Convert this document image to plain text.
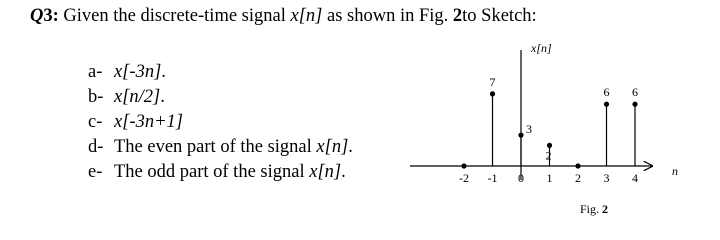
Q3: Given the discrete-time signal x[n] as shown in Fig. 2to Sketch:
a- x[-3n].
b- x[n/2].
c- x[-3n+1]
d- The even part of the signal x[n].
e- The odd part of the signal x[n].
x[n]
n
-2 -1
7
0
3
1
2
2 3
6
4
6
Fig. 2
